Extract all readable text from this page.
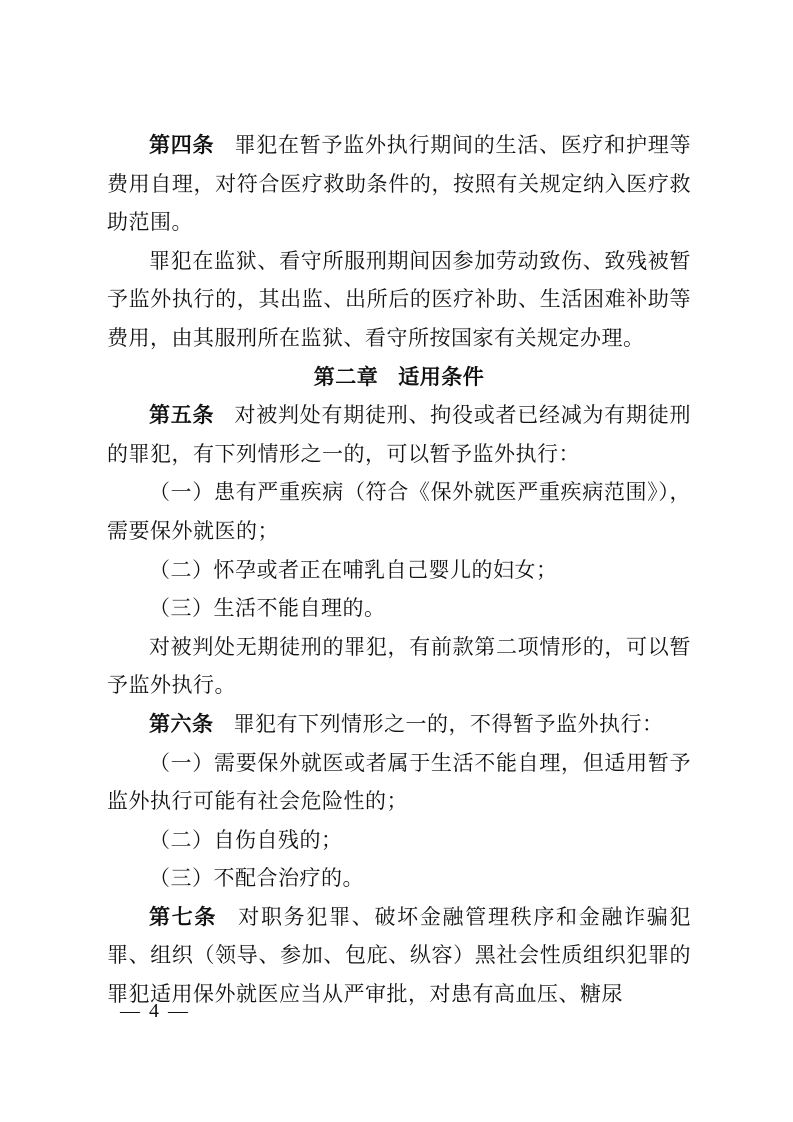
第四条 罪犯在暂予监外执行期间的生活、医疗和护理等费用自理，对符合医疗救助条件的，按照有关规定纳入医疗救助范围。

罪犯在监狱、看守所服刑期间因参加劳动致伤、致残被暂予监外执行的，其出监、出所后的医疗补助、生活困难补助等费用，由其服刑所在监狱、看守所按国家有关规定办理。

第二章 适用条件

第五条 对被判处有期徒刑、拘役或者已经减为有期徒刑的罪犯，有下列情形之一的，可以暂予监外执行：

（一）患有严重疾病（符合《保外就医严重疾病范围》），需要保外就医的；

（二）怀孕或者正在哺乳自己婴儿的妇女；

（三）生活不能自理的。

对被判处无期徒刑的罪犯，有前款第二项情形的，可以暂予监外执行。

第六条 罪犯有下列情形之一的，不得暂予监外执行：

（一）需要保外就医或者属于生活不能自理，但适用暂予监外执行可能有社会危险性的；

（二）自伤自残的；

（三）不配合治疗的。

第七条 对职务犯罪、破坏金融管理秩序和金融诈骗犯罪、组织（领导、参加、包庇、纵容）黑社会性质组织犯罪的罪犯适用保外就医应当从严审批，对患有高血压、糖尿

— 4 —
